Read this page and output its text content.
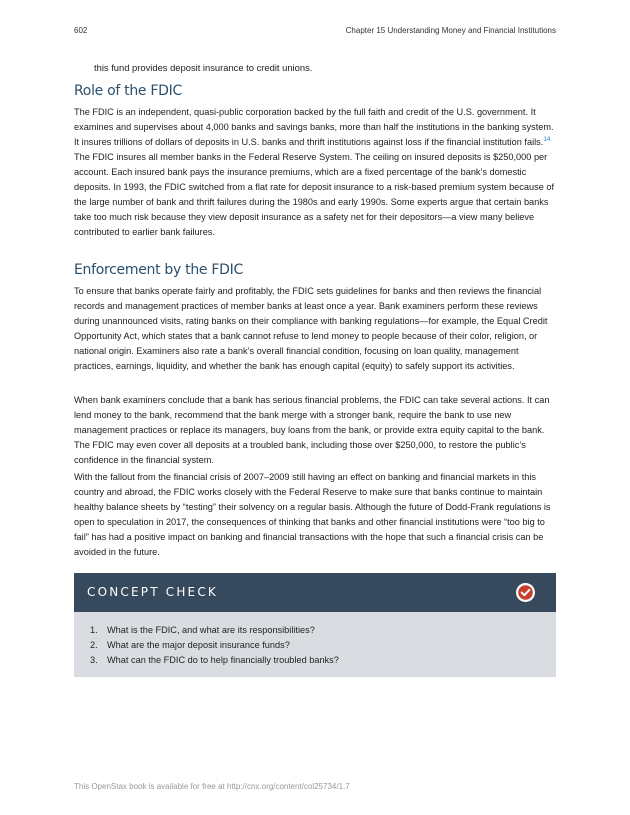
602	Chapter 15 Understanding Money and Financial Institutions
this fund provides deposit insurance to credit unions.
Role of the FDIC

The FDIC is an independent, quasi-public corporation backed by the full faith and credit of the U.S. government. It examines and supervises about 4,000 banks and savings banks, more than half the institutions in the banking system. It insures trillions of dollars of deposits in U.S. banks and thrift institutions against loss if the financial institution fails.$^{14}$ The FDIC insures all member banks in the Federal Reserve System. The ceiling on insured deposits is $250,000 per account. Each insured bank pays the insurance premiums, which are a fixed percentage of the bank’s domestic deposits. In 1993, the FDIC switched from a flat rate for deposit insurance to a risk-based premium system because of the large number of bank and thrift failures during the 1980s and early 1990s. Some experts argue that certain banks take too much risk because they view deposit insurance as a safety net for their depositors—a view many believe contributed to earlier bank failures.

Enforcement by the FDIC

To ensure that banks operate fairly and profitably, the FDIC sets guidelines for banks and then reviews the financial records and management practices of member banks at least once a year. Bank examiners perform these reviews during unannounced visits, rating banks on their compliance with banking regulations—for example, the Equal Credit Opportunity Act, which states that a bank cannot refuse to lend money to people because of their color, religion, or national origin. Examiners also rate a bank’s overall financial condition, focusing on loan quality, management practices, earnings, liquidity, and whether the bank has enough capital (equity) to safely support its activities.

When bank examiners conclude that a bank has serious financial problems, the FDIC can take several actions. It can lend money to the bank, recommend that the bank merge with a stronger bank, require the bank to use new management practices or replace its managers, buy loans from the bank, or provide extra equity capital to the bank. The FDIC may even cover all deposits at a troubled bank, including those over $250,000, to restore the public’s confidence in the financial system.

With the fallout from the financial crisis of 2007–2009 still having an effect on banking and financial markets in this country and abroad, the FDIC works closely with the Federal Reserve to make sure that banks continue to maintain healthy balance sheets by “testing” their solvency on a regular basis. Although the future of Dodd-Frank regulations is open to speculation in 2017, the consequences of thinking that banks and other financial institutions were “too big to fail” has had a positive impact on banking and financial transactions with the hope that such a financial crisis can be avoided in the future.

CONCEPT CHECK
1. What is the FDIC, and what are its responsibilities?
2. What are the major deposit insurance funds?
3. What can the FDIC do to help financially troubled banks?
This OpenStax book is available for free at http://cnx.org/content/col25734/1.7
